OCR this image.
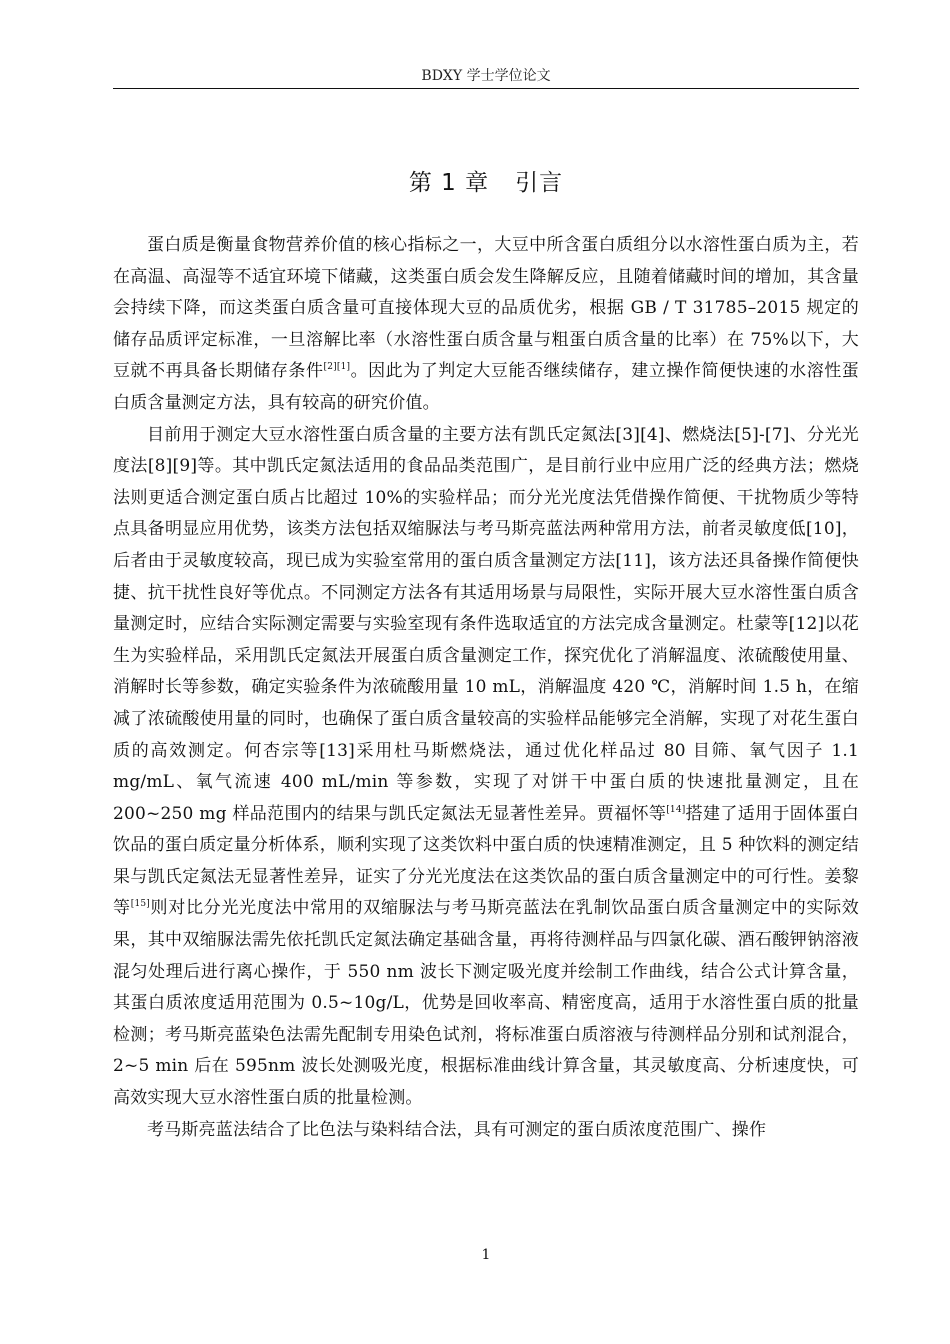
BDXY 学士学位论文
第 1 章 引言

蛋白质是衡量食物营养价值的核心指标之一，大豆中所含蛋白质组分以水溶性蛋白质为主，若在高温、高湿等不适宜环境下储藏，这类蛋白质会发生降解反应，且随着储藏时间的增加，其含量会持续下降，而这类蛋白质含量可直接体现大豆的品质优劣，根据 GB / T 31785–2015 规定的储存品质评定标准，一旦溶解比率（水溶性蛋白质含量与粗蛋白质含量的比率）在 75%以下，大豆就不再具备长期储存条件[2][1]。因此为了判定大豆能否继续储存，建立操作简便快速的水溶性蛋白质含量测定方法，具有较高的研究价值。

目前用于测定大豆水溶性蛋白质含量的主要方法有凯氏定氮法[3][4]、燃烧法[5]-[7]、分光光度法[8][9]等。其中凯氏定氮法适用的食品品类范围广，是目前行业中应用广泛的经典方法；燃烧法则更适合测定蛋白质占比超过 10%的实验样品；而分光光度法凭借操作简便、干扰物质少等特点具备明显应用优势，该类方法包括双缩脲法与考马斯亮蓝法两种常用方法，前者灵敏度低[10]，后者由于灵敏度较高，现已成为实验室常用的蛋白质含量测定方法[11]，该方法还具备操作简便快捷、抗干扰性良好等优点。不同测定方法各有其适用场景与局限性，实际开展大豆水溶性蛋白质含量测定时，应结合实际测定需要与实验室现有条件选取适宜的方法完成含量测定。杜蒙等[12]以花生为实验样品，采用凯氏定氮法开展蛋白质含量测定工作，探究优化了消解温度、浓硫酸使用量、消解时长等参数，确定实验条件为浓硫酸用量 10 mL，消解温度 420 ℃，消解时间 1.5 h，在缩减了浓硫酸使用量的同时，也确保了蛋白质含量较高的实验样品能够完全消解，实现了对花生蛋白质的高效测定。何杏宗等[13]采用杜马斯燃烧法，通过优化样品过 80 目筛、氧气因子 1.1 mg/mL、氧气流速 400 mL/min 等参数，实现了对饼干中蛋白质的快速批量测定，且在 200~250 mg 样品范围内的结果与凯氏定氮法无显著性差异。贾福怀等[14]搭建了适用于固体蛋白饮品的蛋白质定量分析体系，顺利实现了这类饮料中蛋白质的快速精准测定，且 5 种饮料的测定结果与凯氏定氮法无显著性差异，证实了分光光度法在这类饮品的蛋白质含量测定中的可行性。姜黎等[15]则对比分光光度法中常用的双缩脲法与考马斯亮蓝法在乳制饮品蛋白质含量测定中的实际效果，其中双缩脲法需先依托凯氏定氮法确定基础含量，再将待测样品与四氯化碳、酒石酸钾钠溶液混匀处理后进行离心操作，于 550 nm 波长下测定吸光度并绘制工作曲线，结合公式计算含量，其蛋白质浓度适用范围为 0.5~10g/L，优势是回收率高、精密度高，适用于水溶性蛋白质的批量检测；考马斯亮蓝染色法需先配制专用染色试剂，将标准蛋白质溶液与待测样品分别和试剂混合，2~5 min 后在 595nm 波长处测吸光度，根据标准曲线计算含量，其灵敏度高、分析速度快，可高效实现大豆水溶性蛋白质的批量检测。

考马斯亮蓝法结合了比色法与染料结合法，具有可测定的蛋白质浓度范围广、操作

1
